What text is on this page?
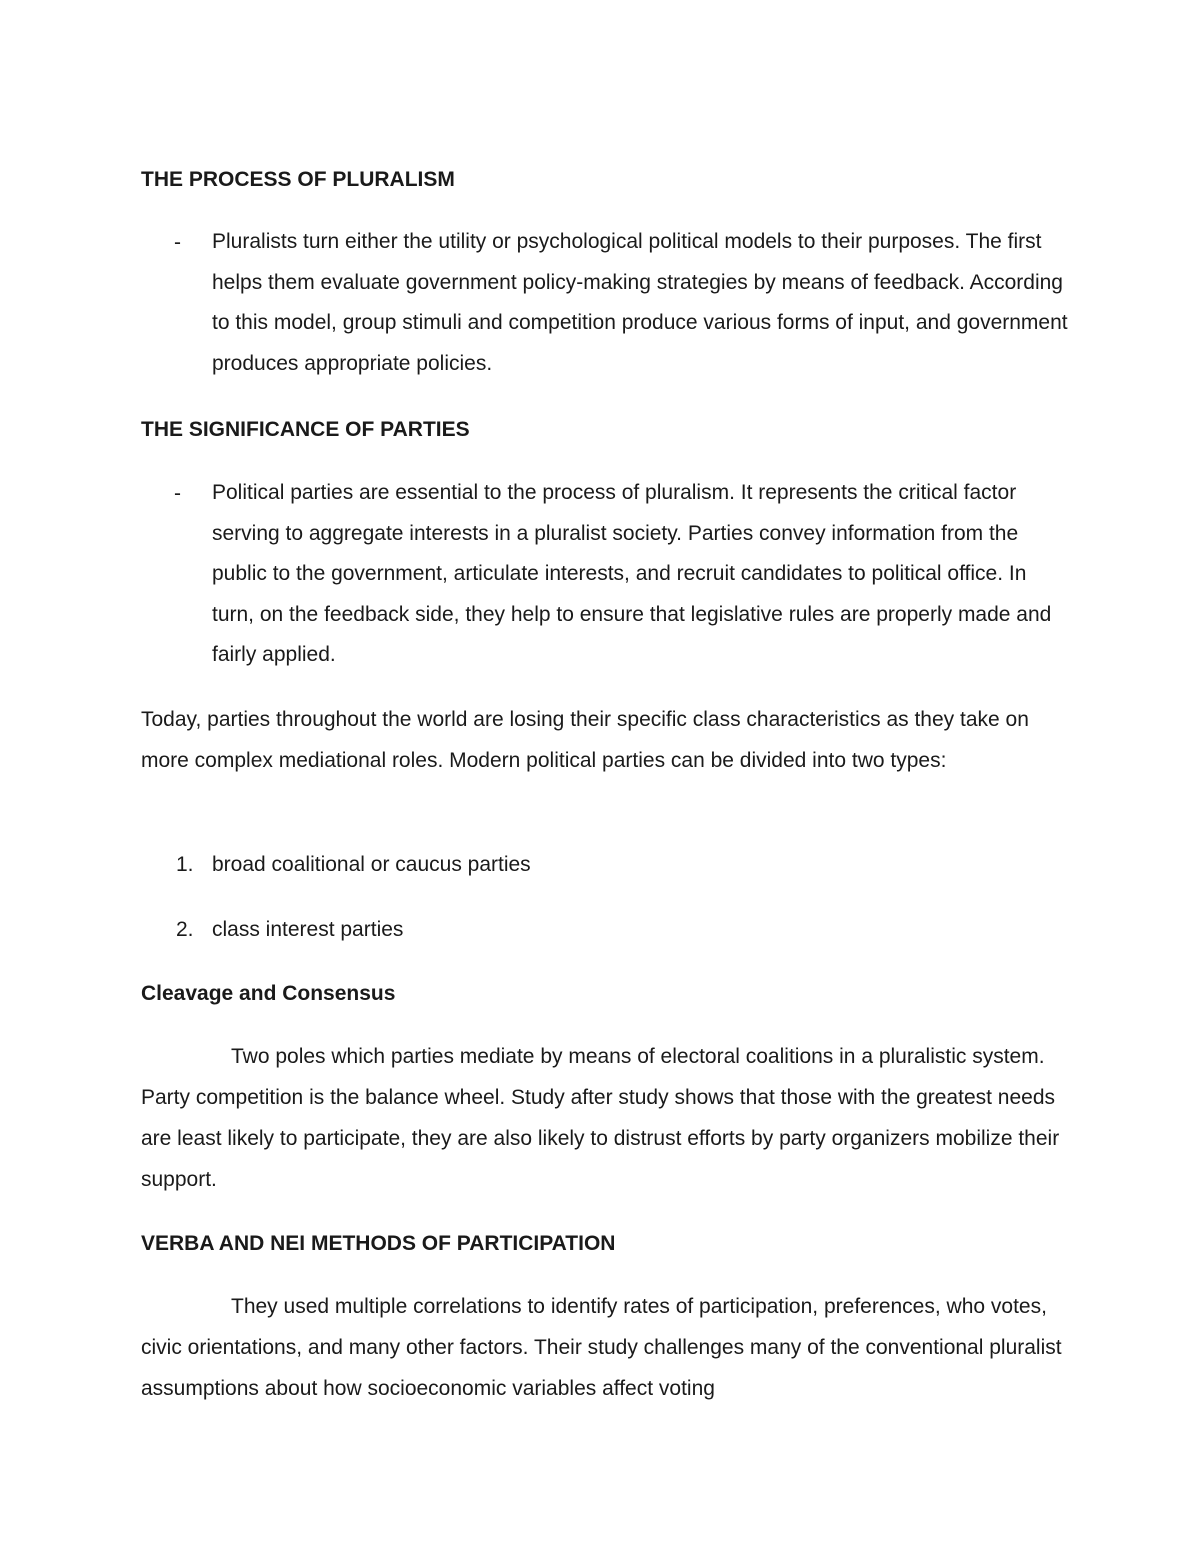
THE PROCESS OF PLURALISM
- Pluralists turn either the utility or psychological political models to their purposes. The first helps them evaluate government policy-making strategies by means of feedback. According to this model, group stimuli and competition produce various forms of input, and government produces appropriate policies.
THE SIGNIFICANCE OF PARTIES
- Political parties are essential to the process of pluralism. It represents the critical factor serving to aggregate interests in a pluralist society. Parties convey information from the public to the government, articulate interests, and recruit candidates to political office. In turn, on the feedback side, they help to ensure that legislative rules are properly made and fairly applied.
Today, parties throughout the world are losing their specific class characteristics as they take on more complex mediational roles. Modern political parties can be divided into two types:
1. broad coalitional or caucus parties
2. class interest parties
Cleavage and Consensus
Two poles which parties mediate by means of electoral coalitions in a pluralistic system. Party competition is the balance wheel. Study after study shows that those with the greatest needs are least likely to participate, they are also likely to distrust efforts by party organizers mobilize their support.
VERBA AND NEI METHODS OF PARTICIPATION
They used multiple correlations to identify rates of participation, preferences, who votes, civic orientations, and many other factors. Their study challenges many of the conventional pluralist assumptions about how socioeconomic variables affect voting
